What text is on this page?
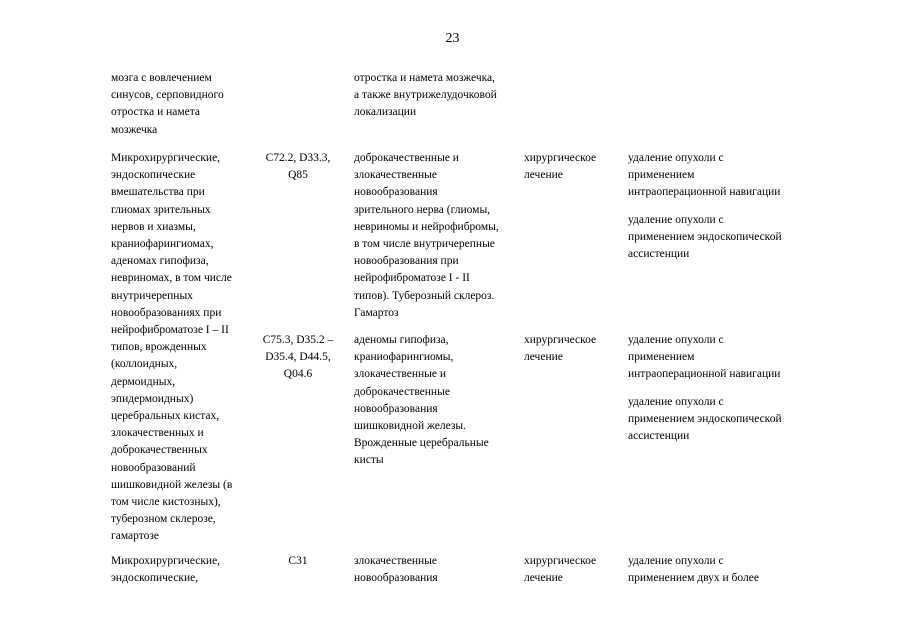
23
мозга с вовлечением
синусов, серповидного
отростка и намета
мозжечка
отростка и намета мозжечка,
а также внутрижелудочковой
локализации
Микрохирургические,
эндоскопические
вмешательства при
глиомах зрительных
нервов и хиазмы,
краниофарингиомах,
аденомах гипофиза,
невриномах, в том числе
внутричерепных
новообразованиях при
нейрофиброматозе I – II
типов, врожденных
(коллоидных,
дермоидных,
эпидермоидных)
церебральных кистах,
злокачественных и
доброкачественных
новообразований
шишковидной железы (в
том числе кистозных),
туберозном склерозе,
гамартозе
C72.2, D33.3,
Q85
доброкачественные и
злокачественные
новообразования
зрительного нерва (глиомы,
невриномы и нейрофибромы,
в том числе внутричерепные
новообразования при
нейрофиброматозе I - II
типов). Туберозный склероз.
Гамартоз
хирургическое
лечение
удаление опухоли с
применением
интраоперационной навигации
удаление опухоли с
применением эндоскопической
ассистенции
C75.3, D35.2 –
D35.4, D44.5,
Q04.6
аденомы гипофиза,
краниофарингиомы,
злокачественные и
доброкачественные
новообразования
шишковидной железы.
Врожденные церебральные
кисты
хирургическое
лечение
удаление опухоли с
применением
интраоперационной навигации
удаление опухоли с
применением эндоскопической
ассистенции
Микрохирургические,
эндоскопические,
C31	злокачественные
новообразования
хирургическое
лечение
удаление опухоли с
применением двух и более
